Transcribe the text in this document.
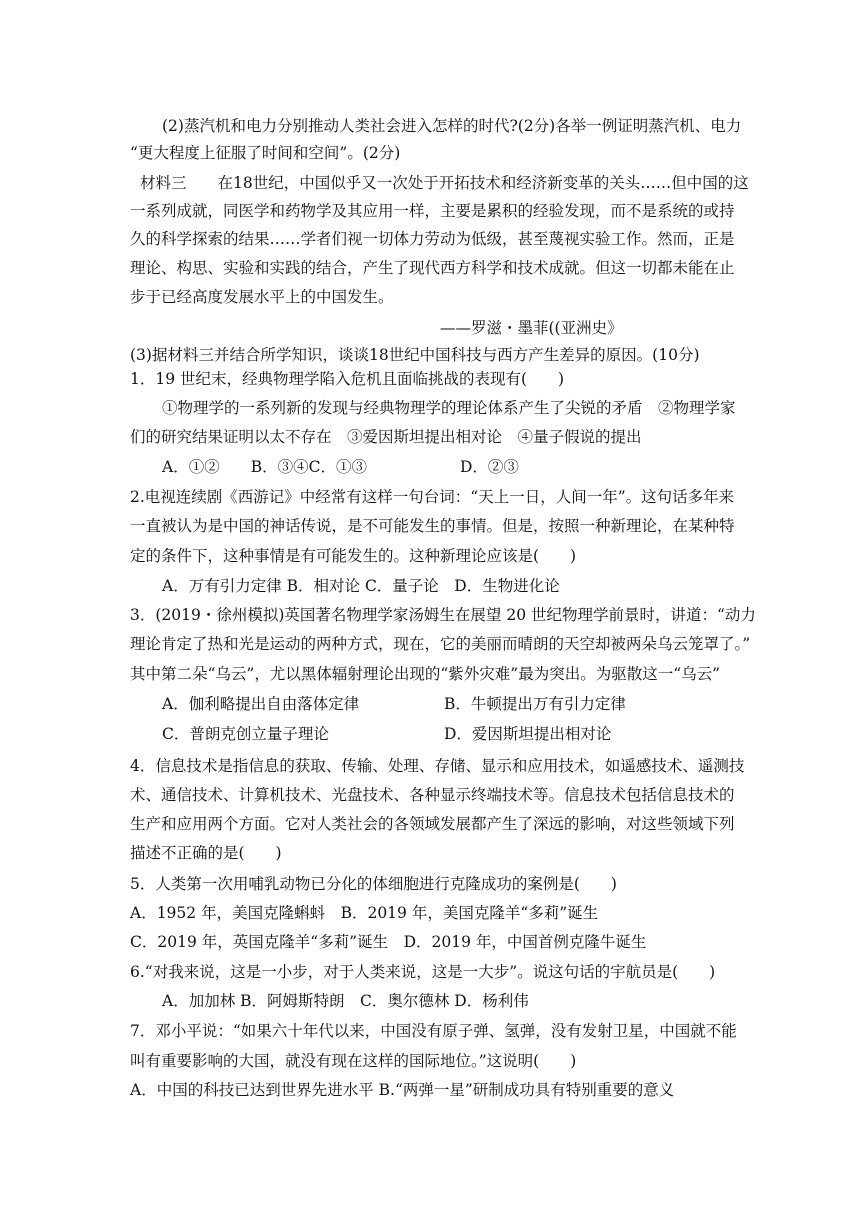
(2)蒸汽机和电力分别推动人类社会进入怎样的时代?(2分)各举一例证明蒸汽机、电力
“更大程度上征服了时间和空间”。(2分)
材料三　　在18世纪，中国似乎又一次处于开拓技术和经济新变革的关头……但中国的这
一系列成就，同医学和药物学及其应用一样，主要是累积的经验发现，而不是系统的或持
久的科学探索的结果……学者们视一切体力劳动为低级，甚至蔑视实验工作。然而，正是
理论、构思、实验和实践的结合，产生了现代西方科学和技术成就。但这一切都未能在止
步于已经高度发展水平上的中国发生。
——罗滋・墨菲((亚洲史》
(3)据材料三并结合所学知识，谈谈18世纪中国科技与西方产生差异的原因。(10分)
1．19 世纪末，经典物理学陷入危机且面临挑战的表现有(　　)
①物理学的一系列新的发现与经典物理学的理论体系产生了尖锐的矛盾　②物理学家
们的研究结果证明以太不存在　③爱因斯坦提出相对论　④量子假说的提出
A．①②　　B．③④C．①③　　　　　　D．②③
2.电视连续剧《西游记》中经常有这样一句台词：“天上一日，人间一年”。这句话多年来
一直被认为是中国的神话传说，是不可能发生的事情。但是，按照一种新理论，在某种特
定的条件下，这种事情是有可能发生的。这种新理论应该是(　　)
A．万有引力定律 B．相对论 C．量子论　D．生物进化论
3．(2019・徐州模拟)英国著名物理学家汤姆生在展望 20 世纪物理学前景时，讲道：“动力
理论肯定了热和光是运动的两种方式，现在，它的美丽而晴朗的天空却被两朵乌云笼罩了。”
其中第二朵“乌云”，尤以黑体辐射理论出现的“紫外灾难”最为突出。为驱散这一“乌云”
A．伽利略提出自由落体定律	B．牛顿提出万有引力定律
C．普朗克创立量子理论	D．爱因斯坦提出相对论
4．信息技术是指信息的获取、传输、处理、存储、显示和应用技术，如遥感技术、遥测技
术、通信技术、计算机技术、光盘技术、各种显示终端技术等。信息技术包括信息技术的
生产和应用两个方面。它对人类社会的各领域发展都产生了深远的影响，对这些领域下列
描述不正确的是(　　)
5．人类第一次用哺乳动物已分化的体细胞进行克隆成功的案例是(　　)
A．1952 年，美国克隆蝌蚪　B．2019 年，美国克隆羊“多莉”诞生
C．2019 年，英国克隆羊“多莉”诞生　D．2019 年，中国首例克隆牛诞生
6.“对我来说，这是一小步，对于人类来说，这是一大步”。说这句话的宇航员是(　　)
A．加加林 B．阿姆斯特朗　C．奥尔德林 D．杨利伟
7．邓小平说：“如果六十年代以来，中国没有原子弹、氢弹，没有发射卫星，中国就不能
叫有重要影响的大国，就没有现在这样的国际地位。”这说明(　　)
A．中国的科技已达到世界先进水平 B.“两弹一星”研制成功具有特别重要的意义
